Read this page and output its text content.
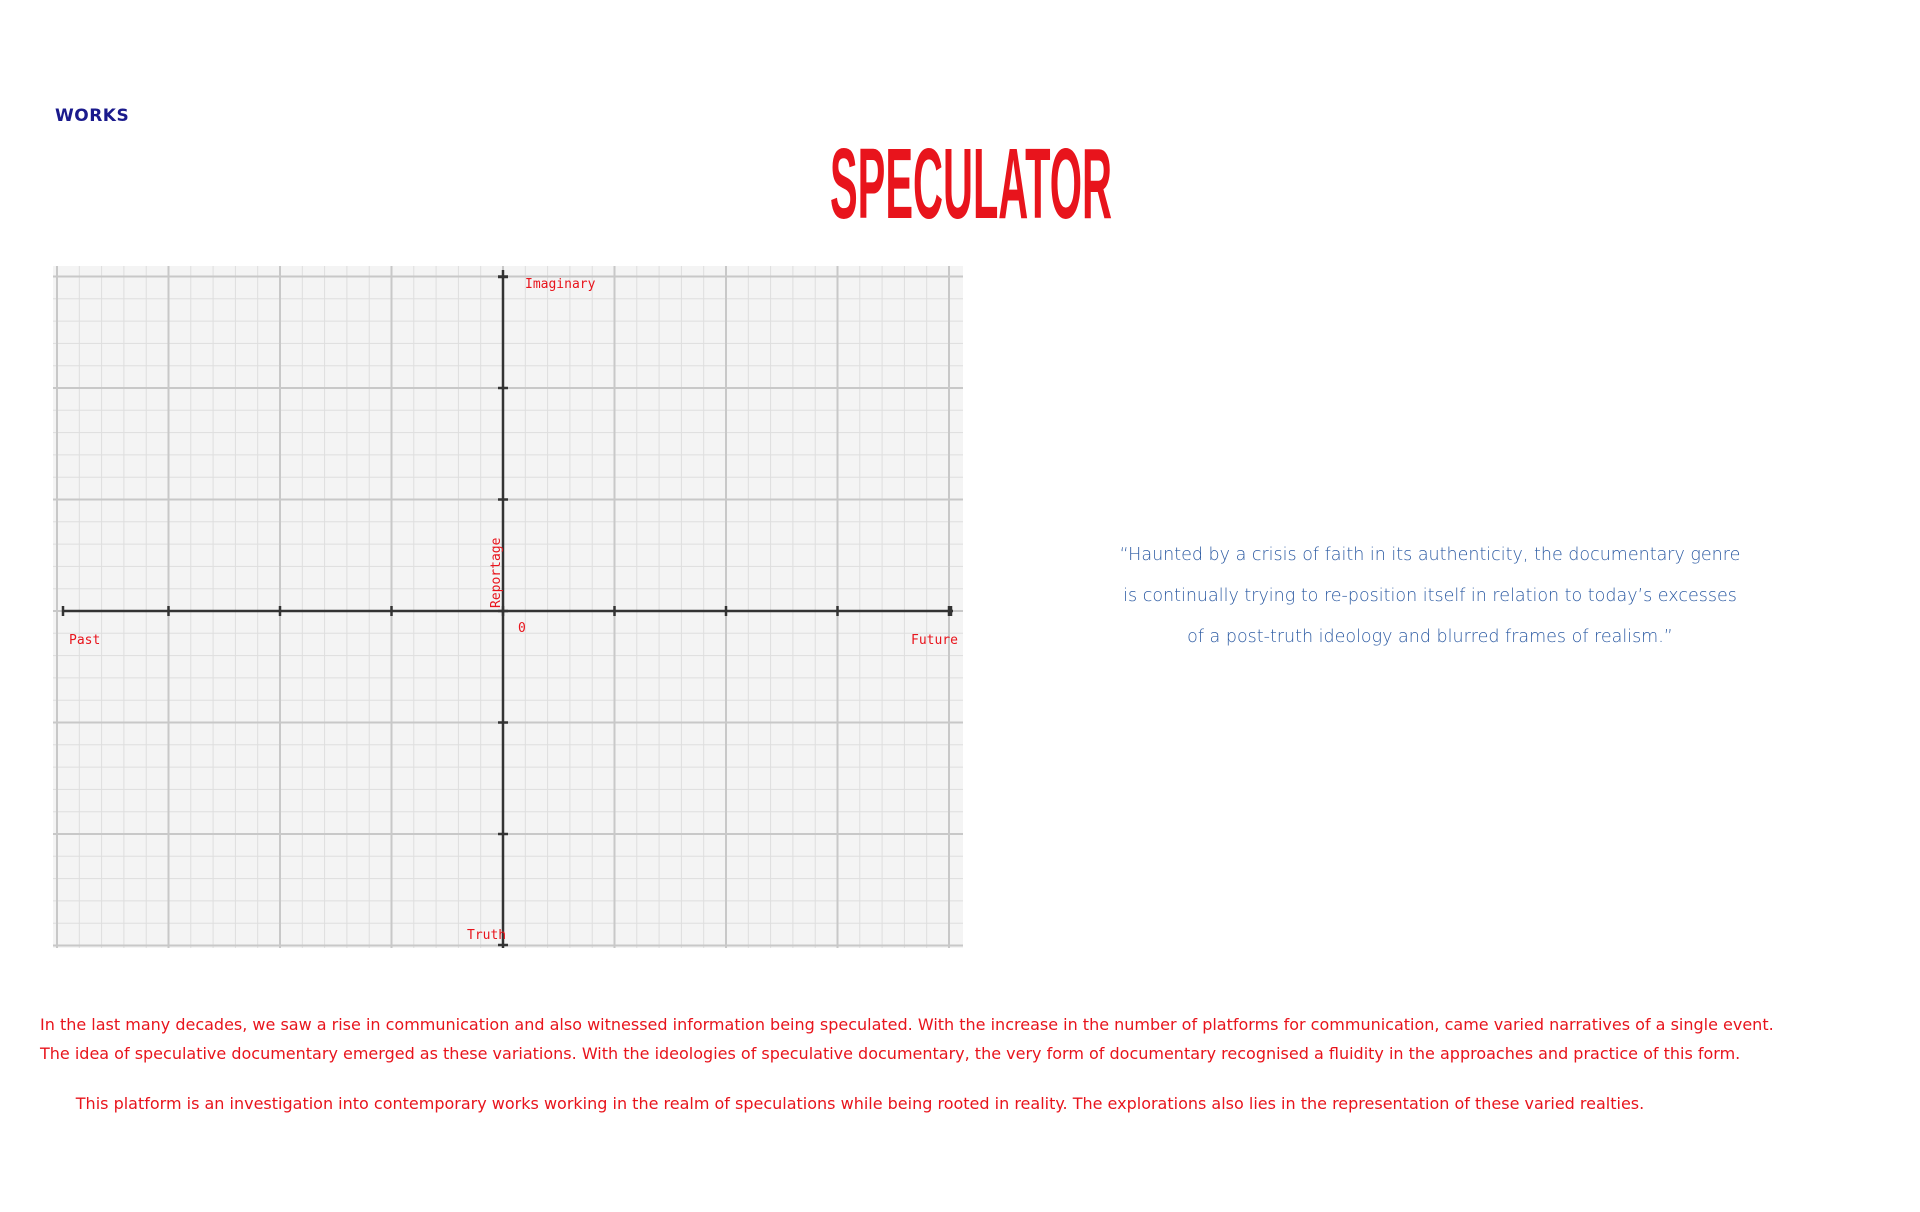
WORKS
SPECULATOR
Imaginary
Truth
Past	Future
0
Reportage	“Haunted by a crisis of faith in its authenticity, the documentary genre
is continually trying to re-position itself in relation to today’s excesses
of a post-truth ideology and blurred frames of realism.”
In the last many decades, we saw a rise in communication and also witnessed information being speculated. With the increase in the number of platforms for communication, came varied narratives of a single event.
The idea of speculative documentary emerged as these variations. With the ideologies of speculative documentary, the very form of documentary recognised a fluidity in the approaches and practice of this form.
This platform is an investigation into contemporary works working in the realm of speculations while being rooted in reality. The explorations also lies in the representation of these varied realties.
